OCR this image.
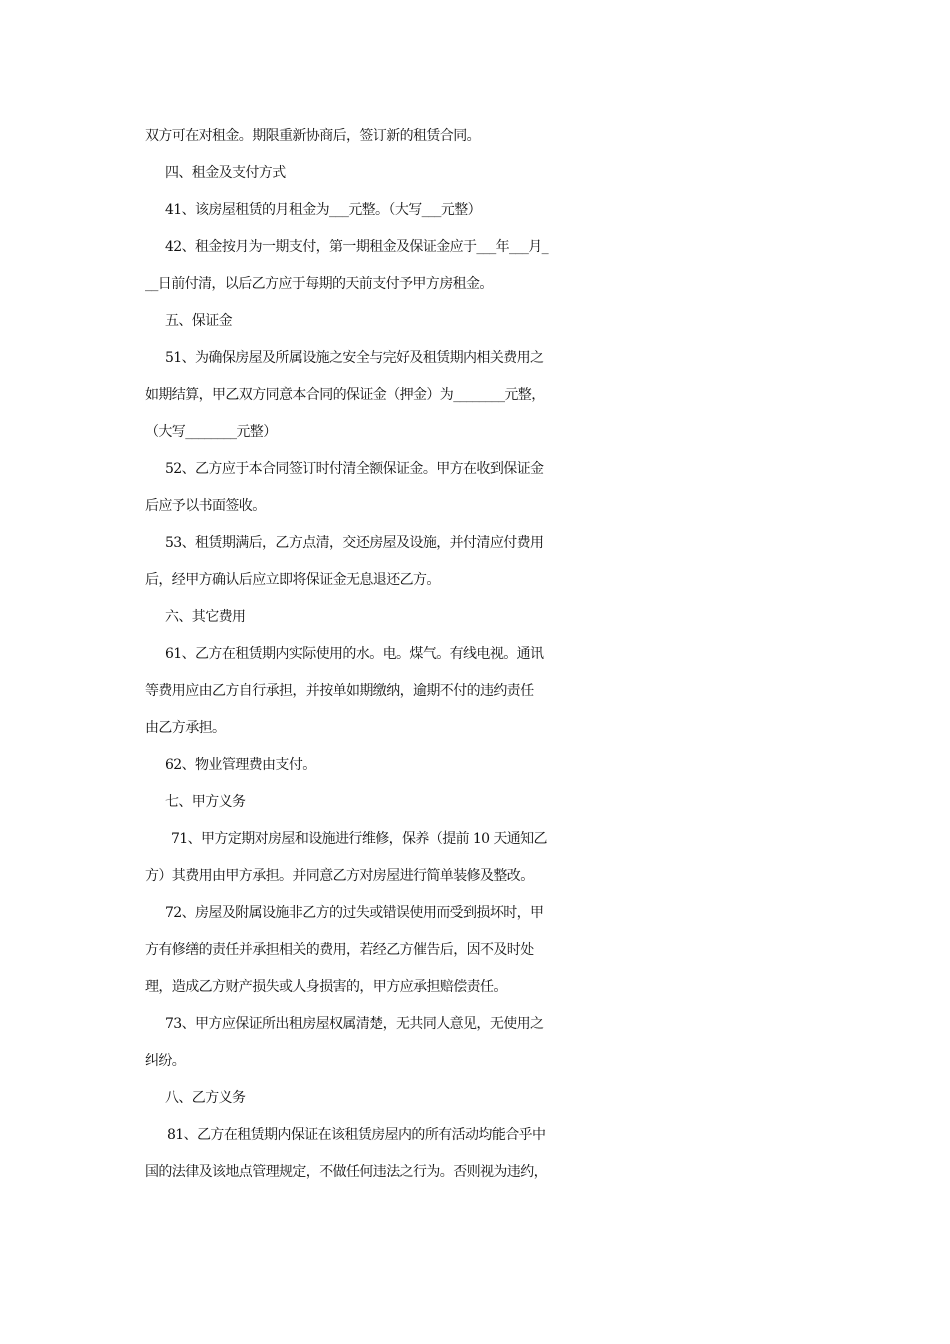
双方可在对租金。期限重新协商后，签订新的租赁合同。
四、租金及支付方式
41、该房屋租赁的月租金为___元整。（大写___元整）
42、租金按月为一期支付，第一期租金及保证金应于___年___月_
__日前付清，以后乙方应于每期的天前支付予甲方房租金。
五、保证金
51、为确保房屋及所属设施之安全与完好及租赁期内相关费用之
如期结算，甲乙双方同意本合同的保证金（押金）为________元整，
（大写________元整）
52、乙方应于本合同签订时付清全额保证金。甲方在收到保证金
后应予以书面签收。
53、租赁期满后，乙方点清，交还房屋及设施，并付清应付费用
后，经甲方确认后应立即将保证金无息退还乙方。
六、其它费用
61、乙方在租赁期内实际使用的水。电。煤气。有线电视。通讯
等费用应由乙方自行承担，并按单如期缴纳，逾期不付的违约责任
由乙方承担。
62、物业管理费由支付。
七、甲方义务
71、甲方定期对房屋和设施进行维修，保养（提前 10 天通知乙
方）其费用由甲方承担。并同意乙方对房屋进行简单装修及整改。
72、房屋及附属设施非乙方的过失或错误使用而受到损坏时，甲
方有修缮的责任并承担相关的费用，若经乙方催告后，因不及时处
理，造成乙方财产损失或人身损害的，甲方应承担赔偿责任。
73、甲方应保证所出租房屋权属清楚，无共同人意见，无使用之
纠纷。
八、乙方义务
81、乙方在租赁期内保证在该租赁房屋内的所有活动均能合乎中
国的法律及该地点管理规定，不做任何违法之行为。否则视为违约，
